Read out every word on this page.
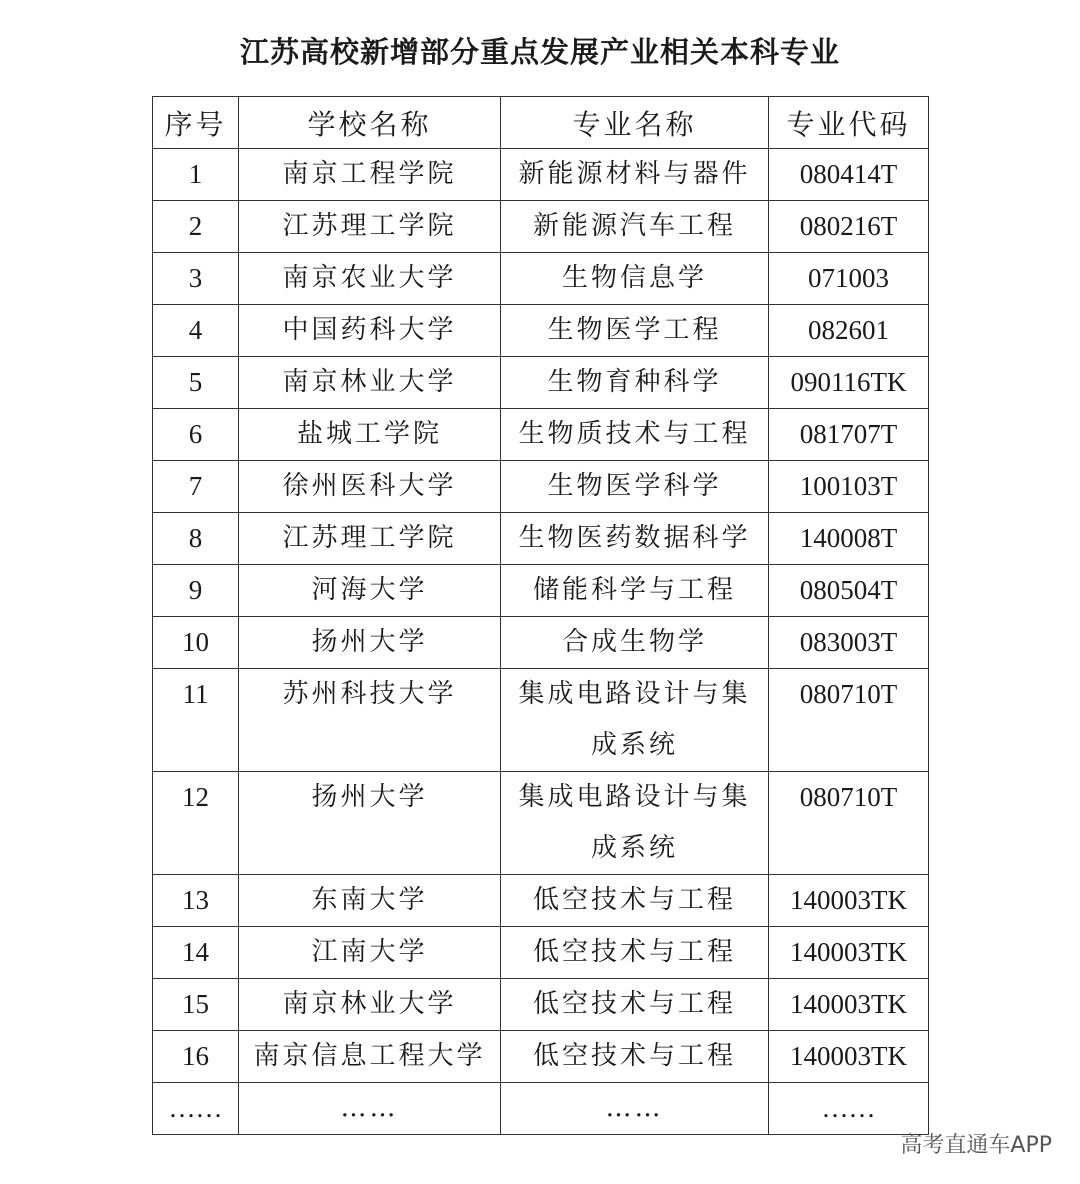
江苏高校新增部分重点发展产业相关本科专业
序号	学校名称	专业名称	专业代码
1	南京工程学院	新能源材料与器件	080414T
2	江苏理工学院	新能源汽车工程	080216T
3	南京农业大学	生物信息学	071003
4	中国药科大学	生物医学工程	082601
5	南京林业大学	生物育种科学	090116TK
6	盐城工学院	生物质技术与工程	081707T
7	徐州医科大学	生物医学科学	100103T
8	江苏理工学院	生物医药数据科学	140008T
9	河海大学	储能科学与工程	080504T
10	扬州大学	合成生物学	083003T
11	苏州科技大学	集成电路设计与集成系统	080710T
12	扬州大学	集成电路设计与集成系统	080710T
13	东南大学	低空技术与工程	140003TK
14	江南大学	低空技术与工程	140003TK
15	南京林业大学	低空技术与工程	140003TK
16	南京信息工程大学	低空技术与工程	140003TK
……	……	……	……
高考直通车APP
